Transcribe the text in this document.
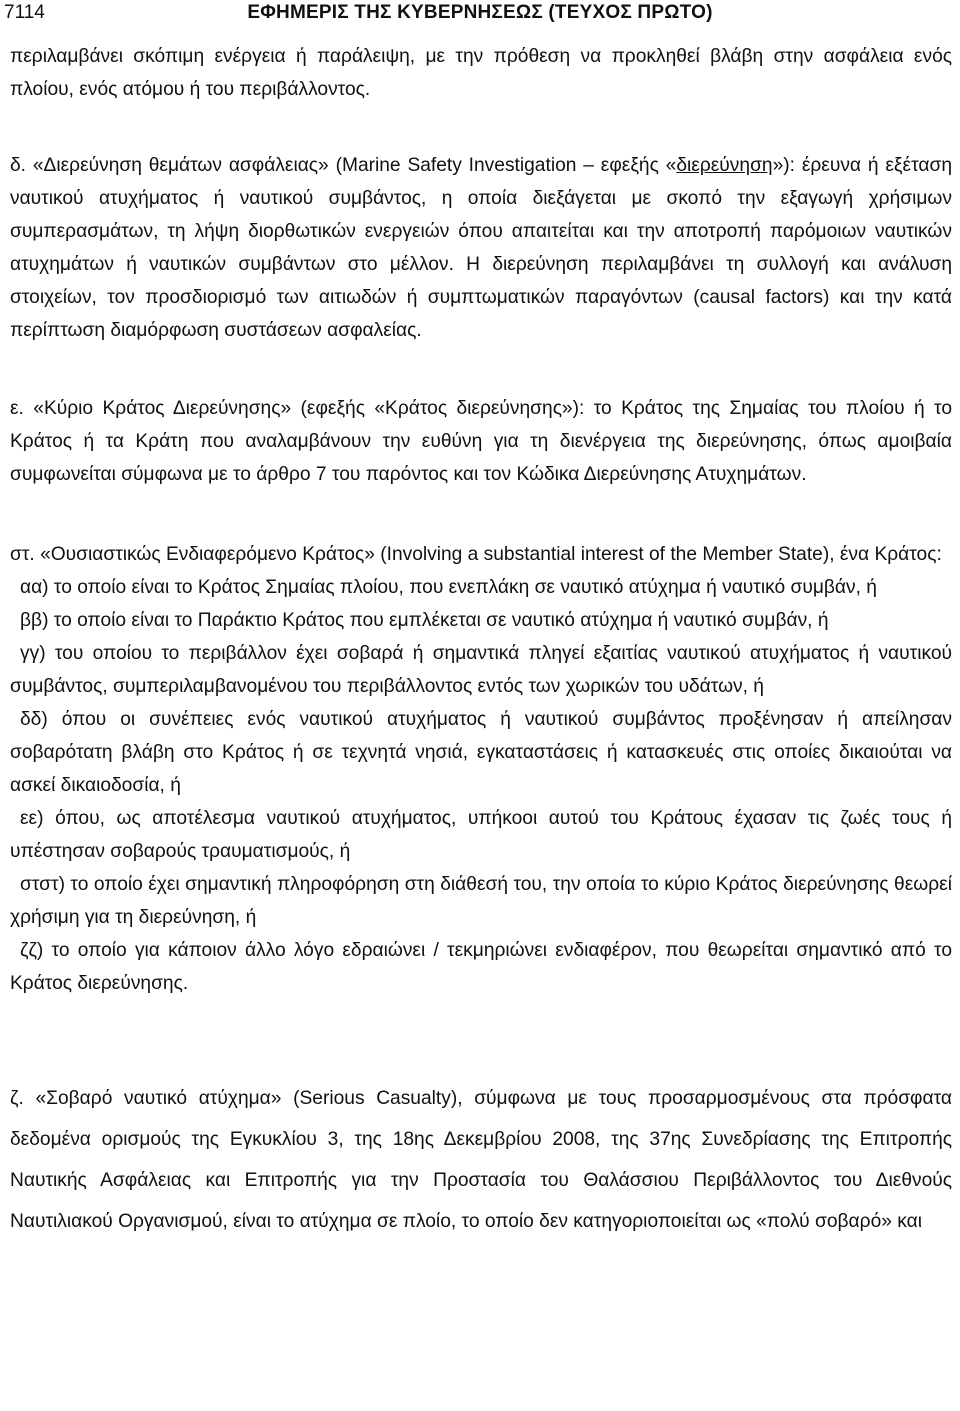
7114	ΕΦΗΜΕΡΙΣ ΤΗΣ ΚΥΒΕΡΝΗΣΕΩΣ (ΤΕΥΧΟΣ ΠΡΩΤΟ)

περιλαμβάνει σκόπιμη ενέργεια ή παράλειψη, με την πρόθεση να προκληθεί βλάβη στην ασφάλεια ενός πλοίου, ενός ατόμου ή του περιβάλλοντος.

δ. «Διερεύνηση θεμάτων ασφάλειας» (Marine Safety Investigation – εφεξής «διερεύνηση»): έρευνα ή εξέταση ναυτικού ατυχήματος ή ναυτικού συμβάντος, η οποία διεξάγεται με σκοπό την εξαγωγή χρήσιμων συμπερασμάτων, τη λήψη διορθωτικών ενεργειών όπου απαιτείται και την αποτροπή παρόμοιων ναυτικών ατυχημάτων ή ναυτικών συμβάντων στο μέλλον. Η διερεύνηση περιλαμβάνει τη συλλογή και ανάλυση στοιχείων, τον προσδιορισμό των αιτιωδών ή συμπτωματικών παραγόντων (causal factors) και την κατά περίπτωση διαμόρφωση συστάσεων ασφαλείας.

ε. «Κύριο Κράτος Διερεύνησης» (εφεξής «Κράτος διερεύνησης»): το Κράτος της Σημαίας του πλοίου ή το Κράτος ή τα Κράτη που αναλαμβάνουν την ευθύνη για τη διενέργεια της διερεύνησης, όπως αμοιβαία συμφωνείται σύμφωνα με το άρθρο 7 του παρόντος και τον Κώδικα Διερεύνησης Ατυχημάτων.

στ. «Ουσιαστικώς Ενδιαφερόμενο Κράτος» (Involving a substantial interest of the Member State), ένα Κράτος:

αα) το οποίο είναι το Κράτος Σημαίας πλοίου, που ενεπλάκη σε ναυτικό ατύχημα ή ναυτικό συμβάν, ή

ββ) το οποίο είναι το Παράκτιο Κράτος που εμπλέκεται σε ναυτικό ατύχημα ή ναυτικό συμβάν, ή

γγ) του οποίου το περιβάλλον έχει σοβαρά ή σημαντικά πληγεί εξαιτίας ναυτικού ατυχήματος ή ναυτικού συμβάντος, συμπεριλαμβανομένου του περιβάλλοντος εντός των χωρικών του υδάτων, ή

δδ) όπου οι συνέπειες ενός ναυτικού ατυχήματος ή ναυτικού συμβάντος προξένησαν ή απείλησαν σοβαρότατη βλάβη στο Κράτος ή σε τεχνητά νησιά, εγκαταστάσεις ή κατασκευές στις οποίες δικαιούται να ασκεί δικαιοδοσία, ή

εε) όπου, ως αποτέλεσμα ναυτικού ατυχήματος, υπήκοοι αυτού του Κράτους έχασαν τις ζωές τους ή υπέστησαν σοβαρούς τραυματισμούς, ή

στστ) το οποίο έχει σημαντική πληροφόρηση στη διάθεσή του, την οποία το κύριο Κράτος διερεύνησης θεωρεί χρήσιμη για τη διερεύνηση, ή

ζζ) το οποίο για κάποιον άλλο λόγο εδραιώνει / τεκμηριώνει ενδιαφέρον, που θεωρείται σημαντικό από το Κράτος διερεύνησης.

ζ. «Σοβαρό ναυτικό ατύχημα» (Serious Casualty), σύμφωνα με τους προσαρμοσμένους στα πρόσφατα δεδομένα ορισμούς της Εγκυκλίου 3, της 18ης Δεκεμβρίου 2008, της 37ης Συνεδρίασης της Επιτροπής Ναυτικής Ασφάλειας και Επιτροπής για την Προστασία του Θαλάσσιου Περιβάλλοντος του Διεθνούς Ναυτιλιακού Οργανισμού, είναι το ατύχημα σε πλοίο, το οποίο δεν κατηγοριοποιείται ως «πολύ σοβαρό» και
